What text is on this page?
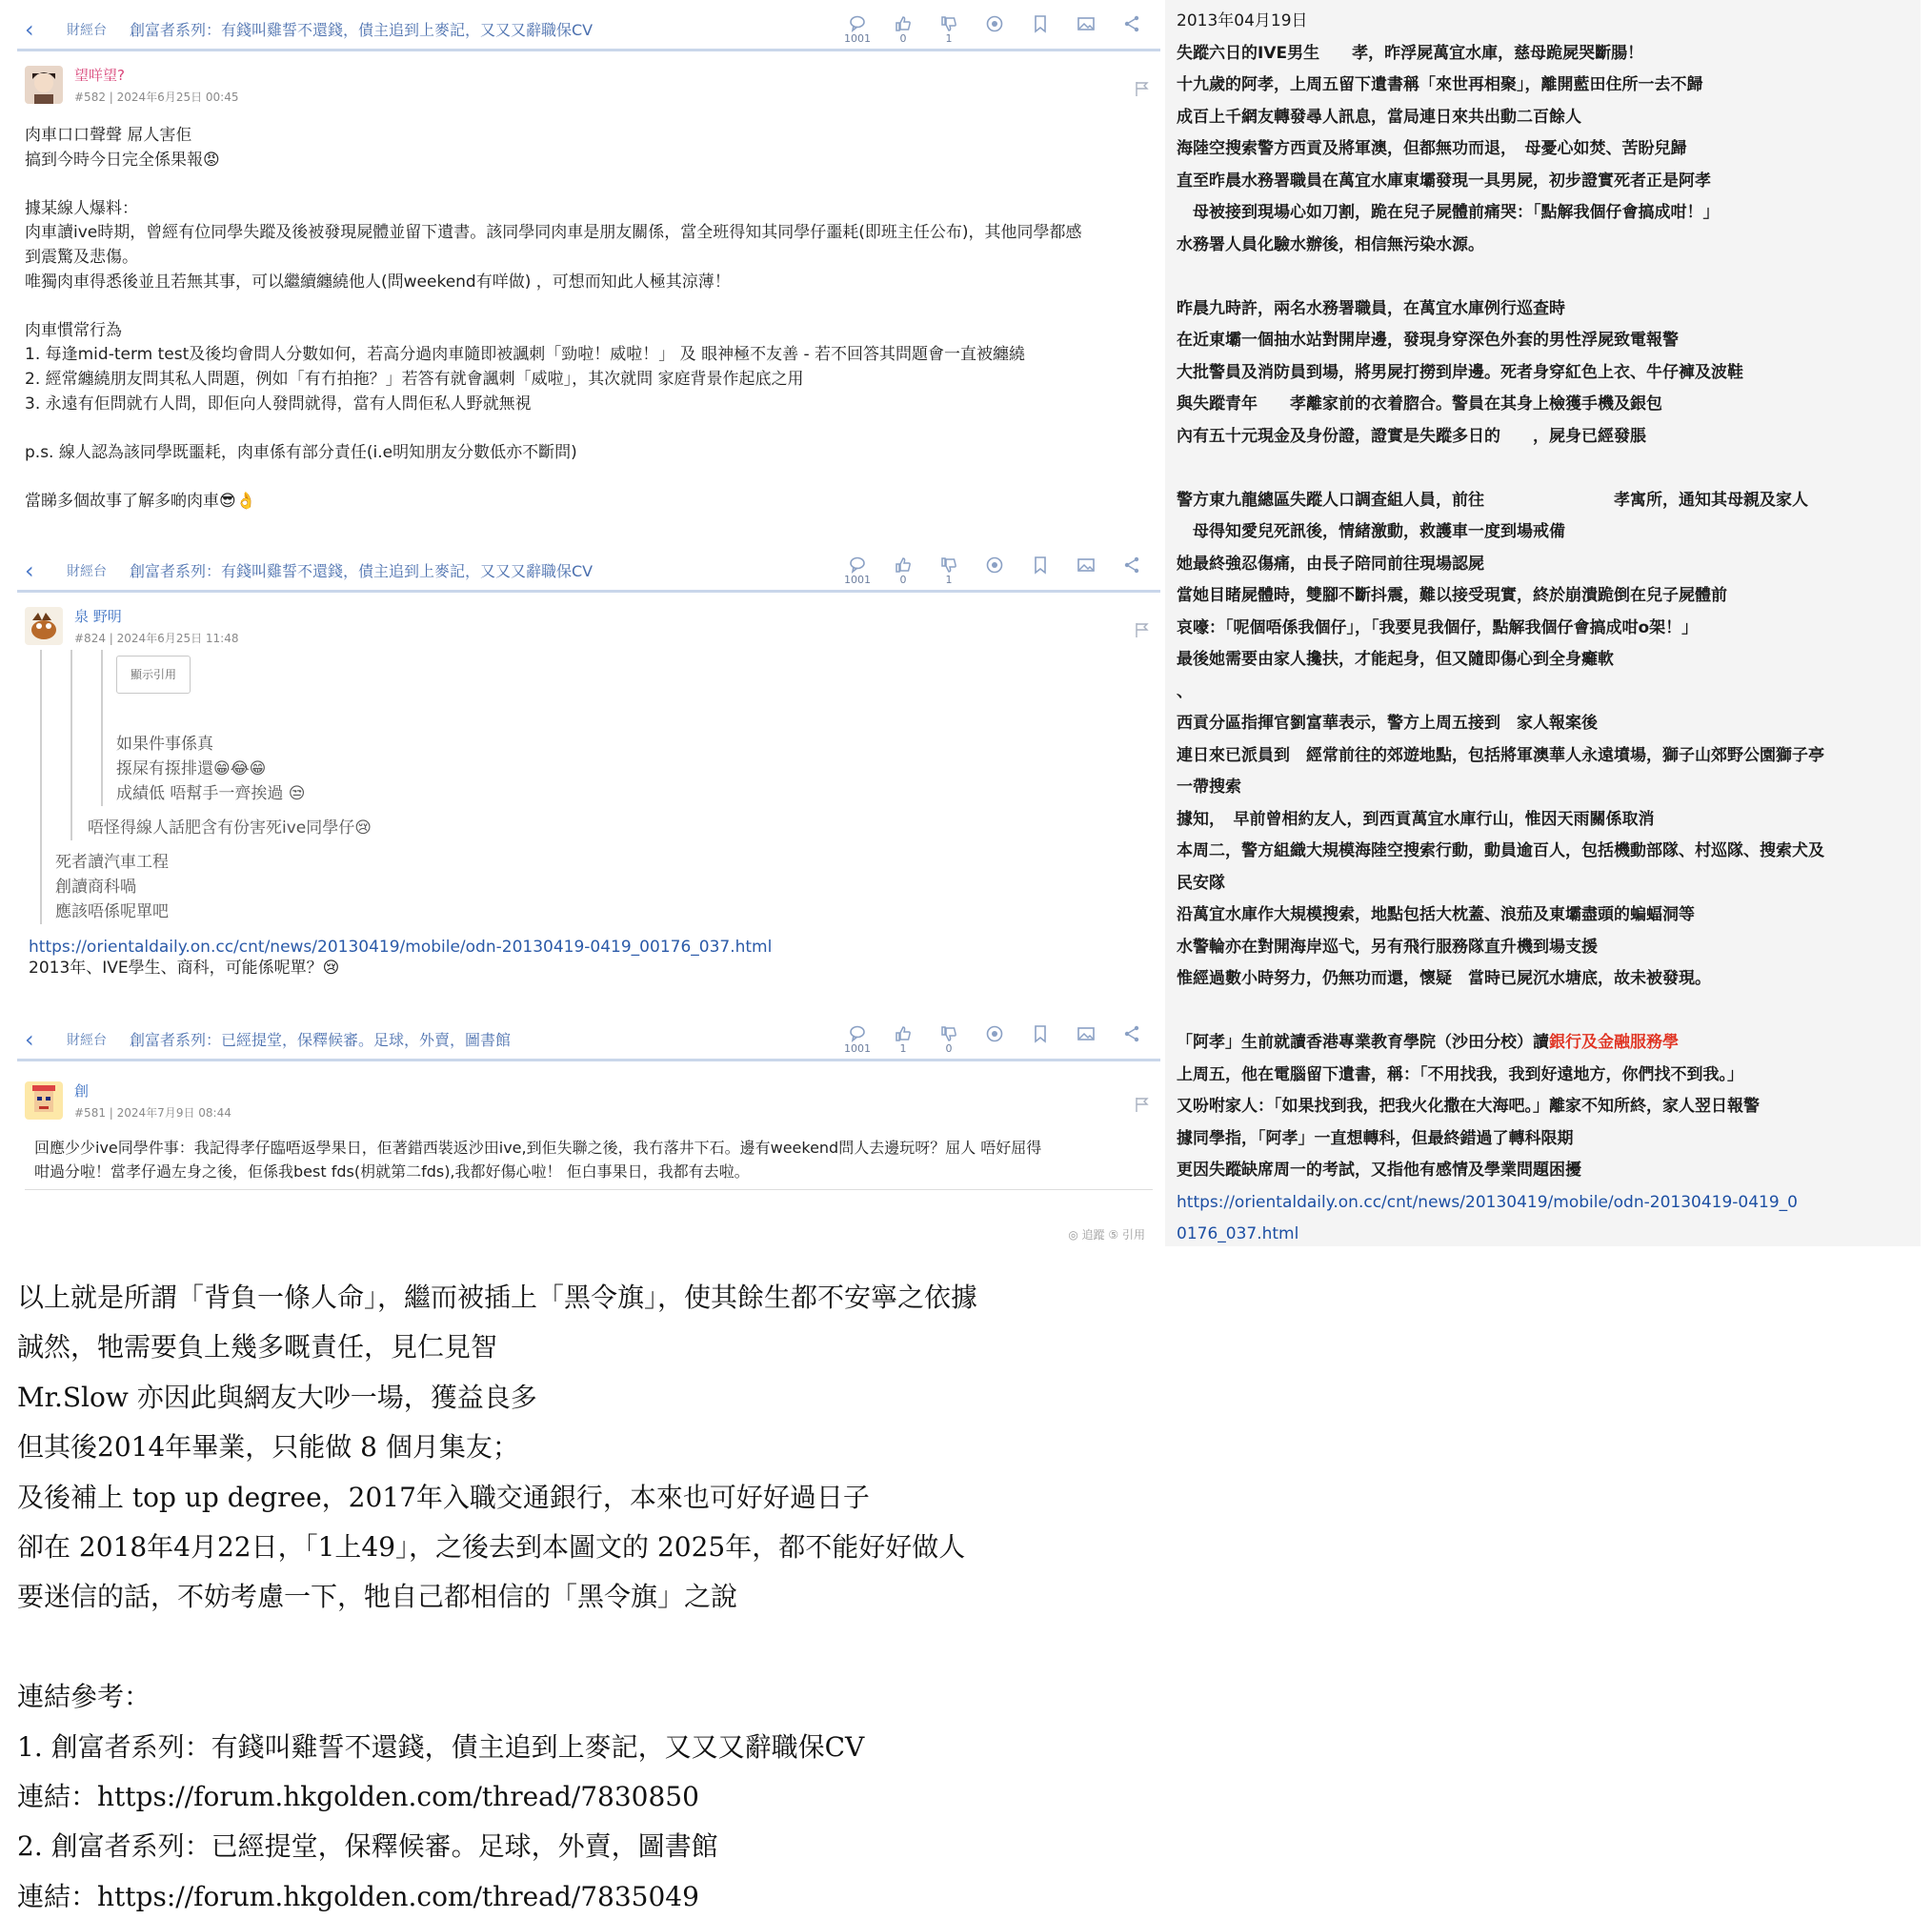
‹	財經台 創富者系列：有錢叫雞誓不還錢，債主追到上麥記，又又又辭職保CV	1001	0	1
望咩望?
#582 | 2024年6月25日 00:45
肉車口口聲聲 屌人害佢
搞到今時今日完全係果報😡
據某線人爆料：
肉車讀ive時期，曾經有位同學失蹤及後被發現屍體並留下遺書。該同學同肉車是朋友關係，當全班得知其同學仔噩耗(即班主任公布)，其他同學都感
到震驚及悲傷。
唯獨肉車得悉後並且若無其事，可以繼續纏繞他人(問weekend有咩做) ，可想而知此人極其涼薄！
肉車慣常行為
1. 每逢mid-term test及後均會問人分數如何，若高分過肉車隨即被諷刺「勁啦！威啦！」 及 眼神極不友善 - 若不回答其問題會一直被纏繞
2. 經常纏繞朋友問其私人問題，例如「有冇拍拖？」若答有就會諷刺「威啦」，其次就問 家庭背景作起底之用
3. 永遠有佢問就冇人問，即佢向人發問就得，當有人問佢私人野就無視
p.s. 線人認為該同學既噩耗，肉車係有部分責任(i.e明知朋友分數低亦不斷問)
當睇多個故事了解多啲肉車😎👌
‹	財經台 創富者系列：有錢叫雞誓不還錢，債主追到上麥記，又又又辭職保CV	1001	0	1
泉 野明
#824 | 2024年6月25日 11:48
顯示引用
如果件事係真
揼屎有揼排還😁😂😁
成績低 唔幫手一齊挨過 😒
唔怪得線人話肥含有份害死ive同學仔😢
死者讀汽車工程
創讀商科喎
應該唔係呢單吧
https://orientaldaily.on.cc/cnt/news/20130419/mobile/odn-20130419-0419_00176_037.html
2013年、IVE學生、商科，可能係呢單？😢
‹	財經台 創富者系列：已經提堂，保釋候審。足球，外賣，圖書館	1001	1	0
創
#581 | 2024年7月9日 08:44
回應少少ive同學件事：我記得孝仔臨唔返學果日，佢著錯西裝返沙田ive,到佢失聯之後，我冇落井下石。邊有weekend問人去邊玩呀？屈人 唔好屈得
咁過分啦！當孝仔過左身之後，佢係我best fds(枂就第二fds),我都好傷心啦！ 佢白事果日，我都有去啦。
◎ 追蹤 ⑤ 引用

2013年04月19日

失蹤六日的IVE男生　　孝，昨浮屍萬宜水庫，慈母跪屍哭斷腸！

十九歲的阿孝，上周五留下遺書稱「來世再相聚」，離開藍田住所一去不歸

成百上千網友轉發尋人訊息，當局連日來共出動二百餘人

海陸空搜索警方西貢及將軍澳，但都無功而退，　母憂心如焚、苦盼兒歸

直至昨晨水務署職員在萬宜水庫東壩發現一具男屍，初步證實死者正是阿孝

　母被接到現場心如刀割，跪在兒子屍體前痛哭：「點解我個仔會搞成咁！」

水務署人員化驗水辦後，相信無污染水源。

昨晨九時許，兩名水務署職員，在萬宜水庫例行巡查時

在近東壩一個抽水站對開岸邊，發現身穿深色外套的男性浮屍致電報警

大批警員及消防員到場，將男屍打撈到岸邊。死者身穿紅色上衣、牛仔褲及波鞋

與失蹤青年　　孝離家前的衣着脗合。警員在其身上檢獲手機及銀包

內有五十元現金及身份證，證實是失蹤多日的　　，屍身已經發脹

警方東九龍總區失蹤人口調查組人員，前往　　　　　　　　孝寓所，通知其母親及家人

　母得知愛兒死訊後，情緒激動，救護車一度到場戒備

她最終強忍傷痛，由長子陪同前往現場認屍

當她目睹屍體時，雙腳不斷抖震，難以接受現實，終於崩潰跪倒在兒子屍體前

哀嚎：「呢個唔係我個仔」，「我要見我個仔，點解我個仔會搞成咁o架！」

最後她需要由家人攙扶，才能起身，但又隨即傷心到全身癱軟

、

西貢分區指揮官劉富華表示，警方上周五接到　家人報案後

連日來已派員到　經常前往的郊遊地點，包括將軍澳華人永遠墳場，獅子山郊野公園獅子亭

一帶搜索

據知，　早前曾相約友人，到西貢萬宜水庫行山，惟因天雨關係取消

本周二，警方組織大規模海陸空搜索行動，動員逾百人，包括機動部隊、村巡隊、搜索犬及

民安隊

沿萬宜水庫作大規模搜索，地點包括大枕蓋、浪茄及東壩盡頭的蝙蝠洞等

水警輪亦在對開海岸巡弋，另有飛行服務隊直升機到場支援

惟經過數小時努力，仍無功而還，懷疑　當時已屍沉水塘底，故未被發現。

「阿孝」生前就讀香港專業教育學院（沙田分校）讀銀行及金融服務學

上周五，他在電腦留下遺書，稱：「不用找我，我到好遠地方，你們找不到我。」

又吩咐家人：「如果找到我，把我火化撒在大海吧。」離家不知所終，家人翌日報警

據同學指，「阿孝」一直想轉科，但最終錯過了轉科限期

更因失蹤缺席周一的考試，又指他有感情及學業問題困擾

https://orientaldaily.on.cc/cnt/news/20130419/mobile/odn-20130419-0419_00176_037.html

以上就是所謂「背負一條人命」，繼而被插上「黑令旗」，使其餘生都不安寧之依據

誠然，牠需要負上幾多嘅責任，見仁見智

Mr.Slow 亦因此與網友大吵一場，獲益良多

但其後2014年畢業，只能做 8 個月集友；

及後補上 top up degree，2017年入職交通銀行，本來也可好好過日子

卻在 2018年4月22日，「1上49」，之後去到本圖文的 2025年，都不能好好做人

要迷信的話，不妨考慮一下，牠自己都相信的「黑令旗」之說

連結參考：

1. 創富者系列：有錢叫雞誓不還錢，債主追到上麥記，又又又辭職保CV

連結：https://forum.hkgolden.com/thread/7830850

2. 創富者系列：已經提堂，保釋候審。足球，外賣，圖書館

連結：https://forum.hkgolden.com/thread/7835049
